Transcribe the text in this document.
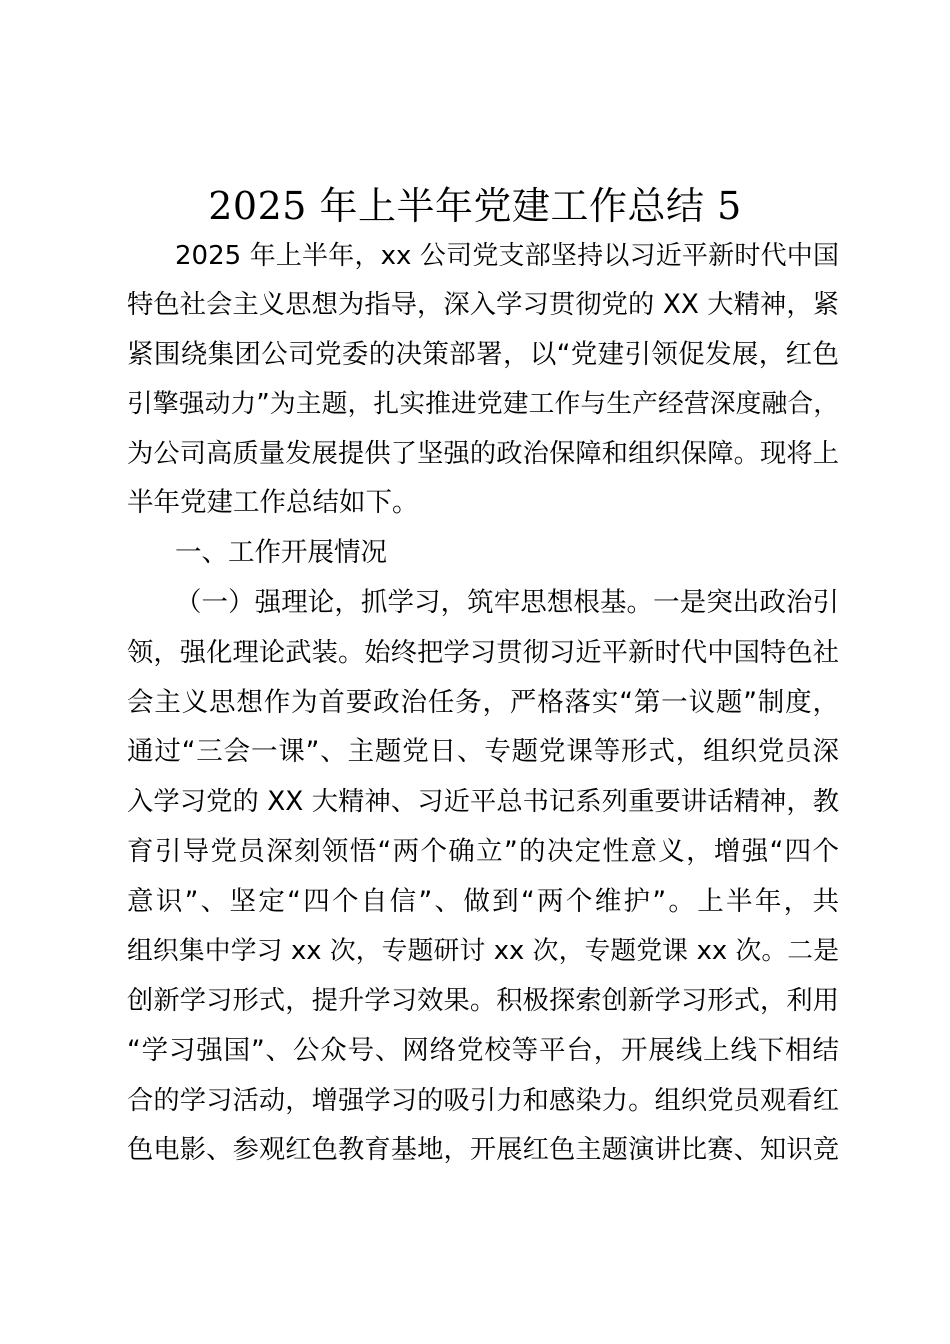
2025 年上半年党建工作总结 5

2025 年上半年，xx 公司党支部坚持以习近平新时代中国

特色社会主义思想为指导，深入学习贯彻党的 XX 大精神，紧

紧围绕集团公司党委的决策部署，以“党建引领促发展，红色

引擎强动力”为主题，扎实推进党建工作与生产经营深度融合，

为公司高质量发展提供了坚强的政治保障和组织保障。现将上

半年党建工作总结如下。

一、工作开展情况

（一）强理论，抓学习，筑牢思想根基。一是突出政治引

领，强化理论武装。始终把学习贯彻习近平新时代中国特色社

会主义思想作为首要政治任务，严格落实“第一议题”制度，

通过“三会一课”、主题党日、专题党课等形式，组织党员深

入学习党的 XX 大精神、习近平总书记系列重要讲话精神，教

育引导党员深刻领悟“两个确立”的决定性意义，增强“四个

意识”、坚定“四个自信”、做到“两个维护”。上半年，共

组织集中学习 xx 次，专题研讨 xx 次，专题党课 xx 次。二是

创新学习形式，提升学习效果。积极探索创新学习形式，利用

“学习强国”、公众号、网络党校等平台，开展线上线下相结

合的学习活动，增强学习的吸引力和感染力。组织党员观看红

色电影、参观红色教育基地，开展红色主题演讲比赛、知识竞
